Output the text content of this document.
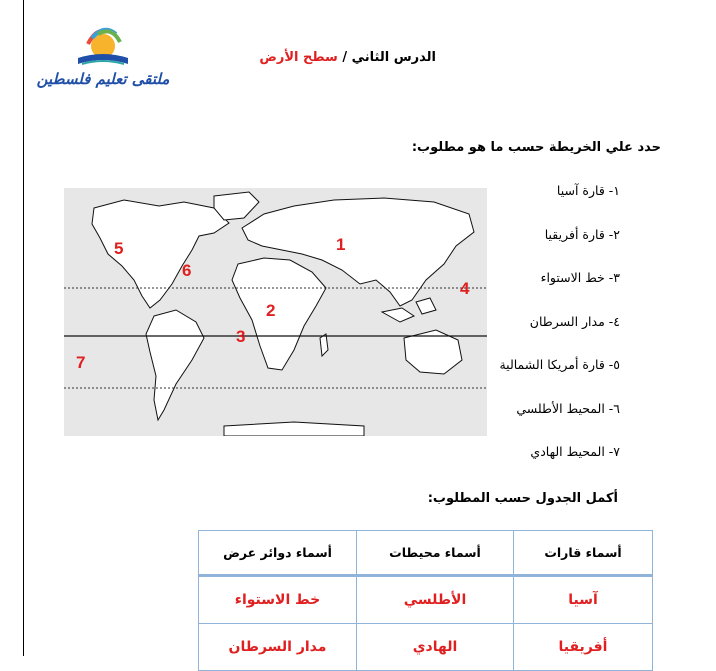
ملتقى تعليم فلسطين
الدرس الثاني / سطح الأرض
حدد علي الخريطة حسب ما هو مطلوب:
1
2
3
4
5
6
7
١- قارة آسيا
٢- قارة أفريقيا
٣- خط الاستواء
٤- مدار السرطان
٥- قارة أمريكا الشمالية
٦- المحيط الأطلسي
٧- المحيط الهادي
أكمل الجدول حسب المطلوب:
أسماء قارات	أسماء محيطات	أسماء دوائر عرض
آسيا	الأطلسي	خط الاستواء
أفريقيا	الهادي	مدار السرطان
